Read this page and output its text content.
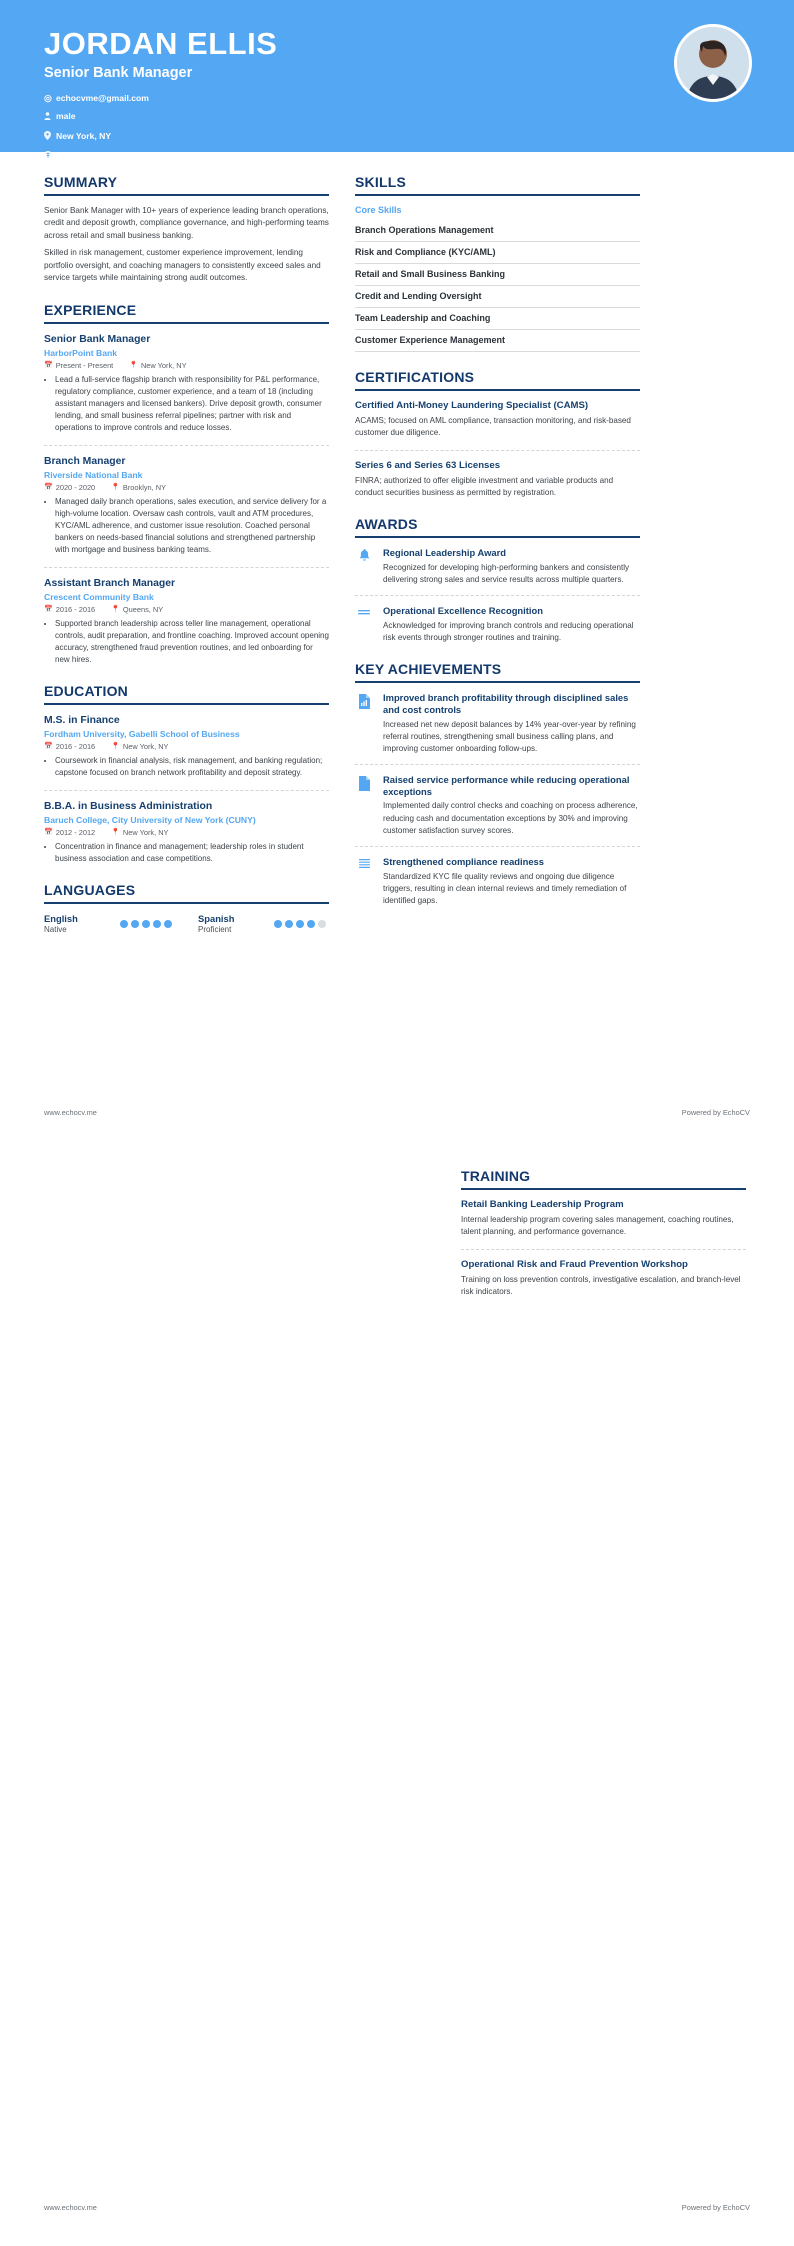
JORDAN ELLIS
Senior Bank Manager
◎ echocvme@gmail.com
male
New York, NY
$113,000/year
SUMMARY

Senior Bank Manager with 10+ years of experience leading branch operations, credit and deposit growth, compliance governance, and high-performing teams across retail and small business banking.

Skilled in risk management, customer experience improvement, lending portfolio oversight, and coaching managers to consistently exceed sales and service targets while maintaining strong audit outcomes.

EXPERIENCE
Senior Bank Manager
HarborPoint Bank
📅 Present - Present 📍 New York, NY
• Lead a full-service flagship branch with responsibility for P&L performance, regulatory compliance, customer experience, and a team of 18 (including assistant managers and licensed bankers). Drive deposit growth, consumer lending, and small business referral pipelines; partner with risk and operations to improve controls and reduce losses.
Branch Manager
Riverside National Bank
📅 2020 - 2020 📍 Brooklyn, NY
• Managed daily branch operations, sales execution, and service delivery for a high-volume location. Oversaw cash controls, vault and ATM procedures, KYC/AML adherence, and customer issue resolution. Coached personal bankers on needs-based financial solutions and strengthened partnership with mortgage and business banking teams.
Assistant Branch Manager
Crescent Community Bank
📅 2016 - 2016 📍 Queens, NY
• Supported branch leadership across teller line management, operational controls, audit preparation, and frontline coaching. Improved account opening accuracy, strengthened fraud prevention routines, and led onboarding for new hires.
EDUCATION
M.S. in Finance
Fordham University, Gabelli School of Business
📅 2016 - 2016 📍 New York, NY
• Coursework in financial analysis, risk management, and banking regulation; capstone focused on branch network profitability and deposit strategy.
B.B.A. in Business Administration
Baruch College, City University of New York (CUNY)
📅 2012 - 2012 📍 New York, NY
• Concentration in finance and management; leadership roles in student business association and case competitions.
LANGUAGES
English
Native
Spanish
Proficient
SKILLS
Core Skills
Branch Operations Management
Risk and Compliance (KYC/AML)
Retail and Small Business Banking
Credit and Lending Oversight
Team Leadership and Coaching
Customer Experience Management
CERTIFICATIONS
Certified Anti-Money Laundering Specialist (CAMS)
ACAMS; focused on AML compliance, transaction monitoring, and risk-based customer due diligence.
Series 6 and Series 63 Licenses
FINRA; authorized to offer eligible investment and variable products and conduct securities business as permitted by registration.
AWARDS
Regional Leadership Award
Recognized for developing high-performing bankers and consistently delivering strong sales and service results across multiple quarters.
Operational Excellence Recognition
Acknowledged for improving branch controls and reducing operational risk events through stronger routines and training.
KEY ACHIEVEMENTS
Improved branch profitability through disciplined sales and cost controls
Increased net new deposit balances by 14% year-over-year by refining referral routines, strengthening small business calling plans, and improving customer onboarding follow-ups.
Raised service performance while reducing operational exceptions
Implemented daily control checks and coaching on process adherence, reducing cash and documentation exceptions by 30% and improving customer satisfaction survey scores.
Strengthened compliance readiness
Standardized KYC file quality reviews and ongoing due diligence triggers, resulting in clean internal reviews and timely remediation of identified gaps.
www.echocv.me	Powered by EchoCV
TRAINING
Retail Banking Leadership Program
Internal leadership program covering sales management, coaching routines, talent planning, and performance governance.
Operational Risk and Fraud Prevention Workshop
Training on loss prevention controls, investigative escalation, and branch-level risk indicators.
www.echocv.me	Powered by EchoCV
